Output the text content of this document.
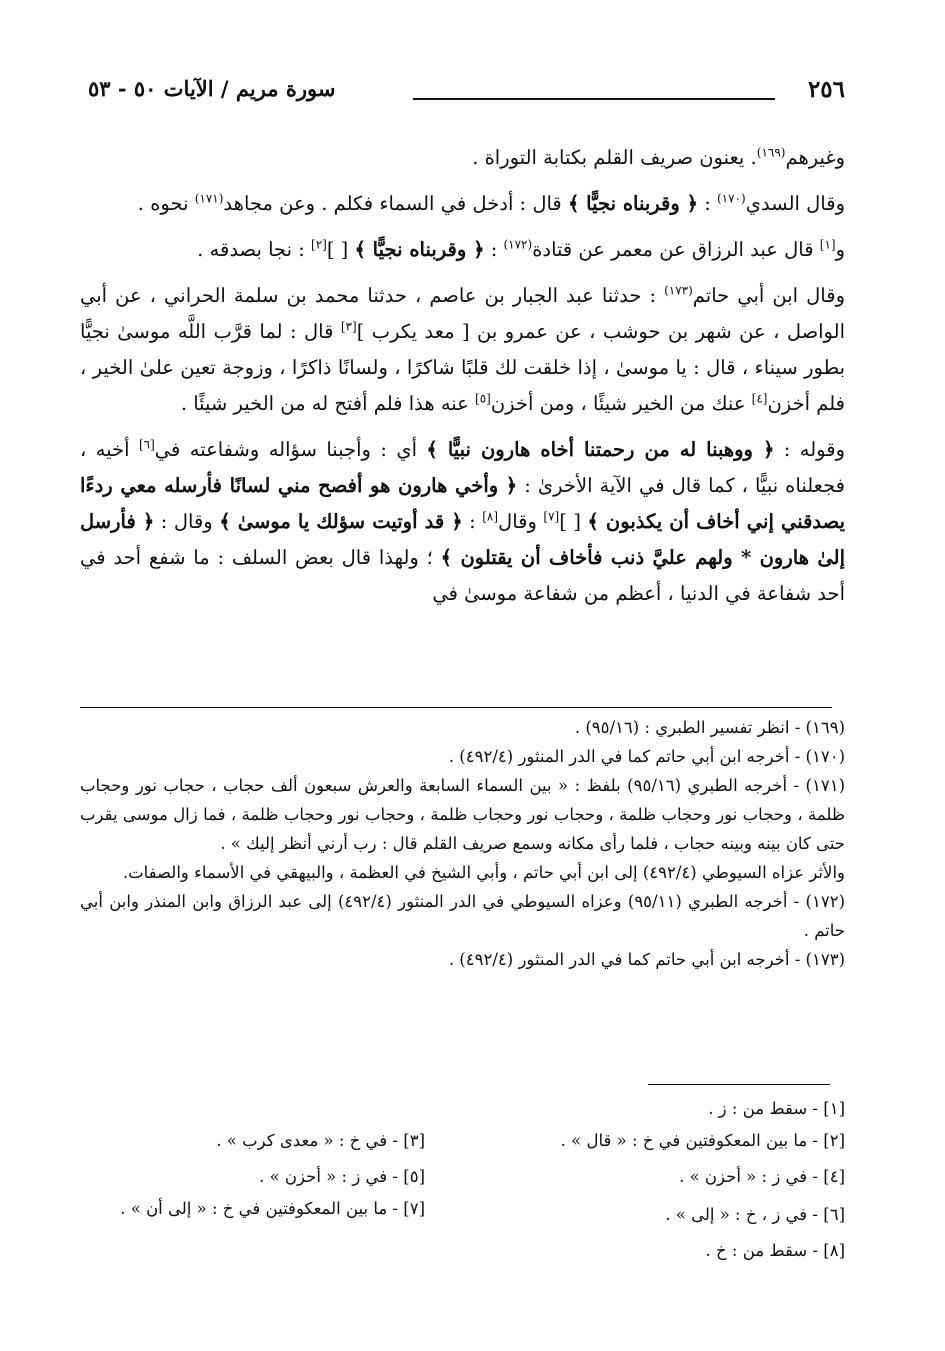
٢٥٦
سورة مريم / الآيات ٥٠ - ٥٣

وغيرهم$^{(١٦٩)}$. يعنون صريف القلم بكتابة التوراة .

وقال السدي$^{(١٧٠)}$ : ﴿ وقربناه نجيًّا ﴾ قال : أدخل في السماء فكلم . وعن مجاهد$^{(١٧١)}$ نحوه .

و[١] قال عبد الرزاق عن معمر عن قتادة$^{(١٧٢)}$ : ﴿ وقربناه نجيًّا ﴾ [ ][٢] : نجا بصدقه .

وقال ابن أبي حاتم$^{(١٧٣)}$ : حدثنا عبد الجبار بن عاصم ، حدثنا محمد بن سلمة الحراني ، عن أبي الواصل ، عن شهر بن حوشب ، عن عمرو بن [ معد يكرب ][٣] قال : لما قرَّب اللَّه موسىٰ نجيًّا بطور سيناء ، قال : يا موسىٰ ، إذا خلقت لك قلبًا شاكرًا ، ولسانًا ذاكرًا ، وزوجة تعين علىٰ الخير ، فلم أخزن[٤] عنك من الخير شيئًا ، ومن أخزن[٥] عنه هذا فلم أفتح له من الخير شيئًا .

وقوله : ﴿ ووهبنا له من رحمتنا أخاه هارون نبيًّا ﴾ أي : وأجبنا سؤاله وشفاعته في[٦] أخيه ، فجعلناه نبيًّا ، كما قال في الآية الأخرىٰ : ﴿ وأخي هارون هو أفصح مني لسانًا فأرسله معي ردءًا يصدقني إني أخاف أن يكذبون ﴾ [ ][٧] وقال[٨] : ﴿ قد أوتيت سؤلك يا موسىٰ ﴾ وقال : ﴿ فأرسل إلىٰ هارون * ولهم عليَّ ذنب فأخاف أن يقتلون ﴾ ؛ ولهذا قال بعض السلف : ما شفع أحد في أحد شفاعة في الدنيا ، أعظم من شفاعة موسىٰ في

(١٦٩) - انظر تفسير الطبري : (٩٥/١٦) .

(١٧٠) - أخرجه ابن أبي حاتم كما في الدر المنثور (٤٩٢/٤) .

(١٧١) - أخرجه الطبري (٩٥/١٦) بلفظ : « بين السماء السابعة والعرش سبعون ألف حجاب ، حجاب نور وحجاب ظلمة ، وحجاب نور وحجاب ظلمة ، وحجاب نور وحجاب ظلمة ، وحجاب نور وحجاب ظلمة ، فما زال موسى يقرب حتى كان بينه وبينه حجاب ، فلما رأى مكانه وسمع صريف القلم قال : رب أرني أنظر إليك » .

والأثر عزاه السيوطي (٤٩٢/٤) إلى ابن أبي حاتم ، وأبي الشيخ في العظمة ، والبيهقي في الأسماء والصفات.

(١٧٢) - أخرجه الطبري (٩٥/١١) وعزاه السيوطي في الدر المنثور (٤٩٢/٤) إلى عبد الرزاق وابن المنذر وابن أبي حاتم .

(١٧٣) - أخرجه ابن أبي حاتم كما في الدر المنثور (٤٩٢/٤) .

[١] - سقط من : ز .
[٢] - ما بين المعكوفتين في خ : « قال » .
[٣] - في خ : « معدى كرب » .
[٤] - في ز : « أحزن » .
[٥] - في ز : « أحزن » .
[٦] - في ز ، خ : « إلى » .
[٧] - ما بين المعكوفتين في خ : « إلى أن » .
[٨] - سقط من : خ .
